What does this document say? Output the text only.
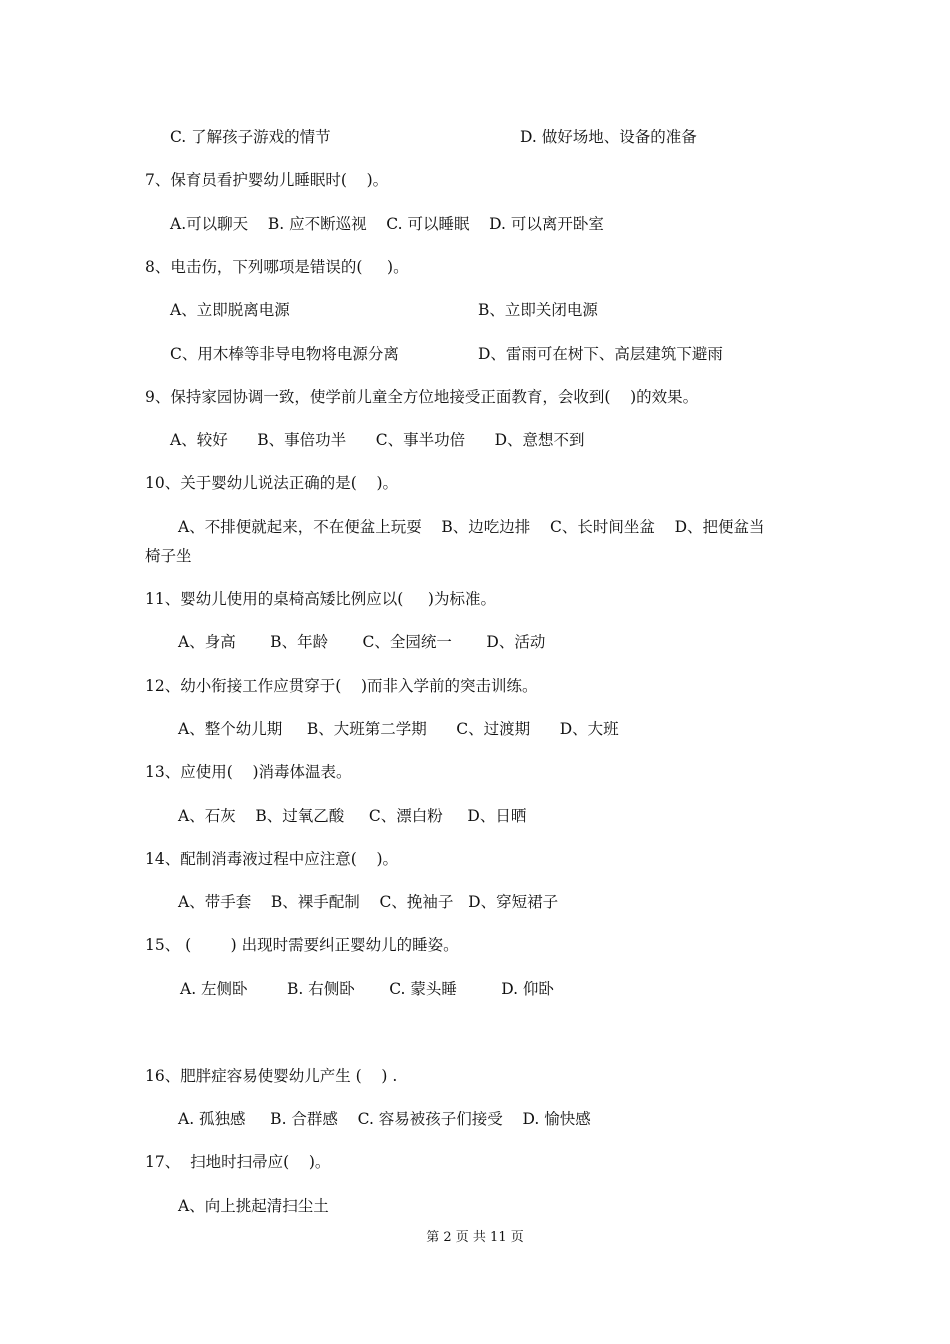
C. 了解孩子游戏的情节	D. 做好场地、设备的准备
7、保育员看护婴幼儿睡眠时(    )。
A.可以聊天    B. 应不断巡视    C. 可以睡眠    D. 可以离开卧室
8、电击伤，下列哪项是错误的(     )。
A、立即脱离电源	B、立即关闭电源
C、用木棒等非导电物将电源分离	D、雷雨可在树下、高层建筑下避雨
9、保持家园协调一致，使学前儿童全方位地接受正面教育，会收到(    )的效果。
A、较好      B、事倍功半      C、事半功倍      D、意想不到
10、关于婴幼儿说法正确的是(    )。
A、不排便就起来，不在便盆上玩耍    B、边吃边排    C、长时间坐盆    D、把便盆当
椅子坐
11、婴幼儿使用的桌椅高矮比例应以(     )为标准。
A、身高       B、年龄       C、全园统一       D、活动
12、幼小衔接工作应贯穿于(    )而非入学前的突击训练。
A、整个幼儿期     B、大班第二学期      C、过渡期      D、大班
13、应使用(    )消毒体温表。
A、石灰    B、过氧乙酸     C、漂白粉     D、日晒
14、配制消毒液过程中应注意(    )。
A、带手套    B、裸手配制    C、挽袖子   D、穿短裙子
15、 (        ) 出现时需要纠正婴幼儿的睡姿。
A. 左侧卧        B. 右侧卧       C. 蒙头睡         D. 仰卧
16、肥胖症容易使婴幼儿产生 (    ) .
A. 孤独感     B. 合群感    C. 容易被孩子们接受    D. 愉快感
17、  扫地时扫帚应(    )。
A、向上挑起清扫尘土
第 2 页 共 11 页
